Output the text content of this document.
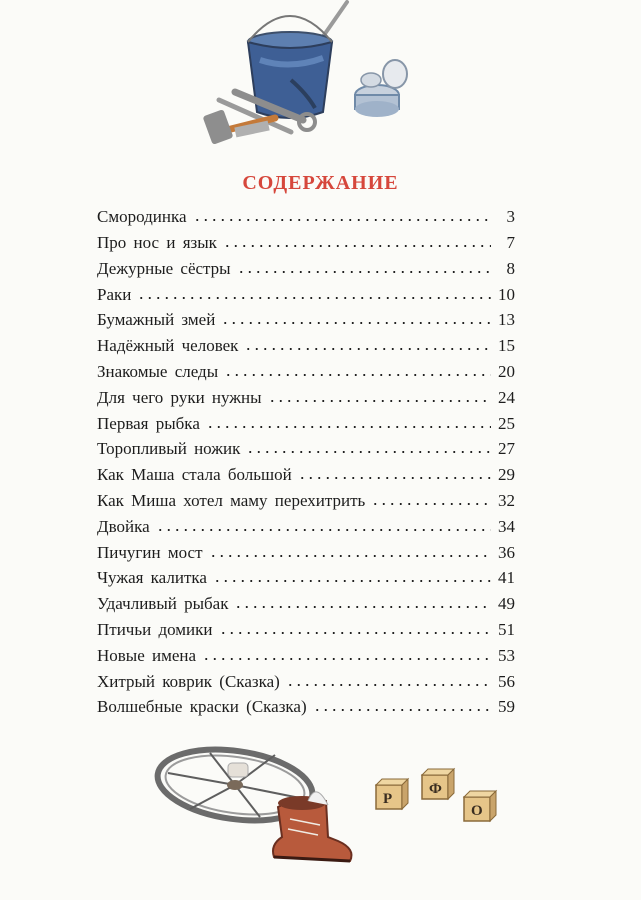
СОДЕРЖАНИЕ
Смородинка	3
Про нос и язык	7
Дежурные сёстры	8
Раки	10
Бумажный змей	13
Надёжный человек	15
Знакомые следы	20
Для чего руки нужны	24
Первая рыбка	25
Торопливый ножик	27
Как Маша стала большой	29
Как Миша хотел маму перехитрить	32
Двойка	34
Пичугин мост	36
Чужая калитка	41
Удачливый рыбак	49
Птичьи домики	51
Новые имена	53
Хитрый коврик (Сказка)	56
Волшебные краски (Сказка)	59
Р
Ф
О
